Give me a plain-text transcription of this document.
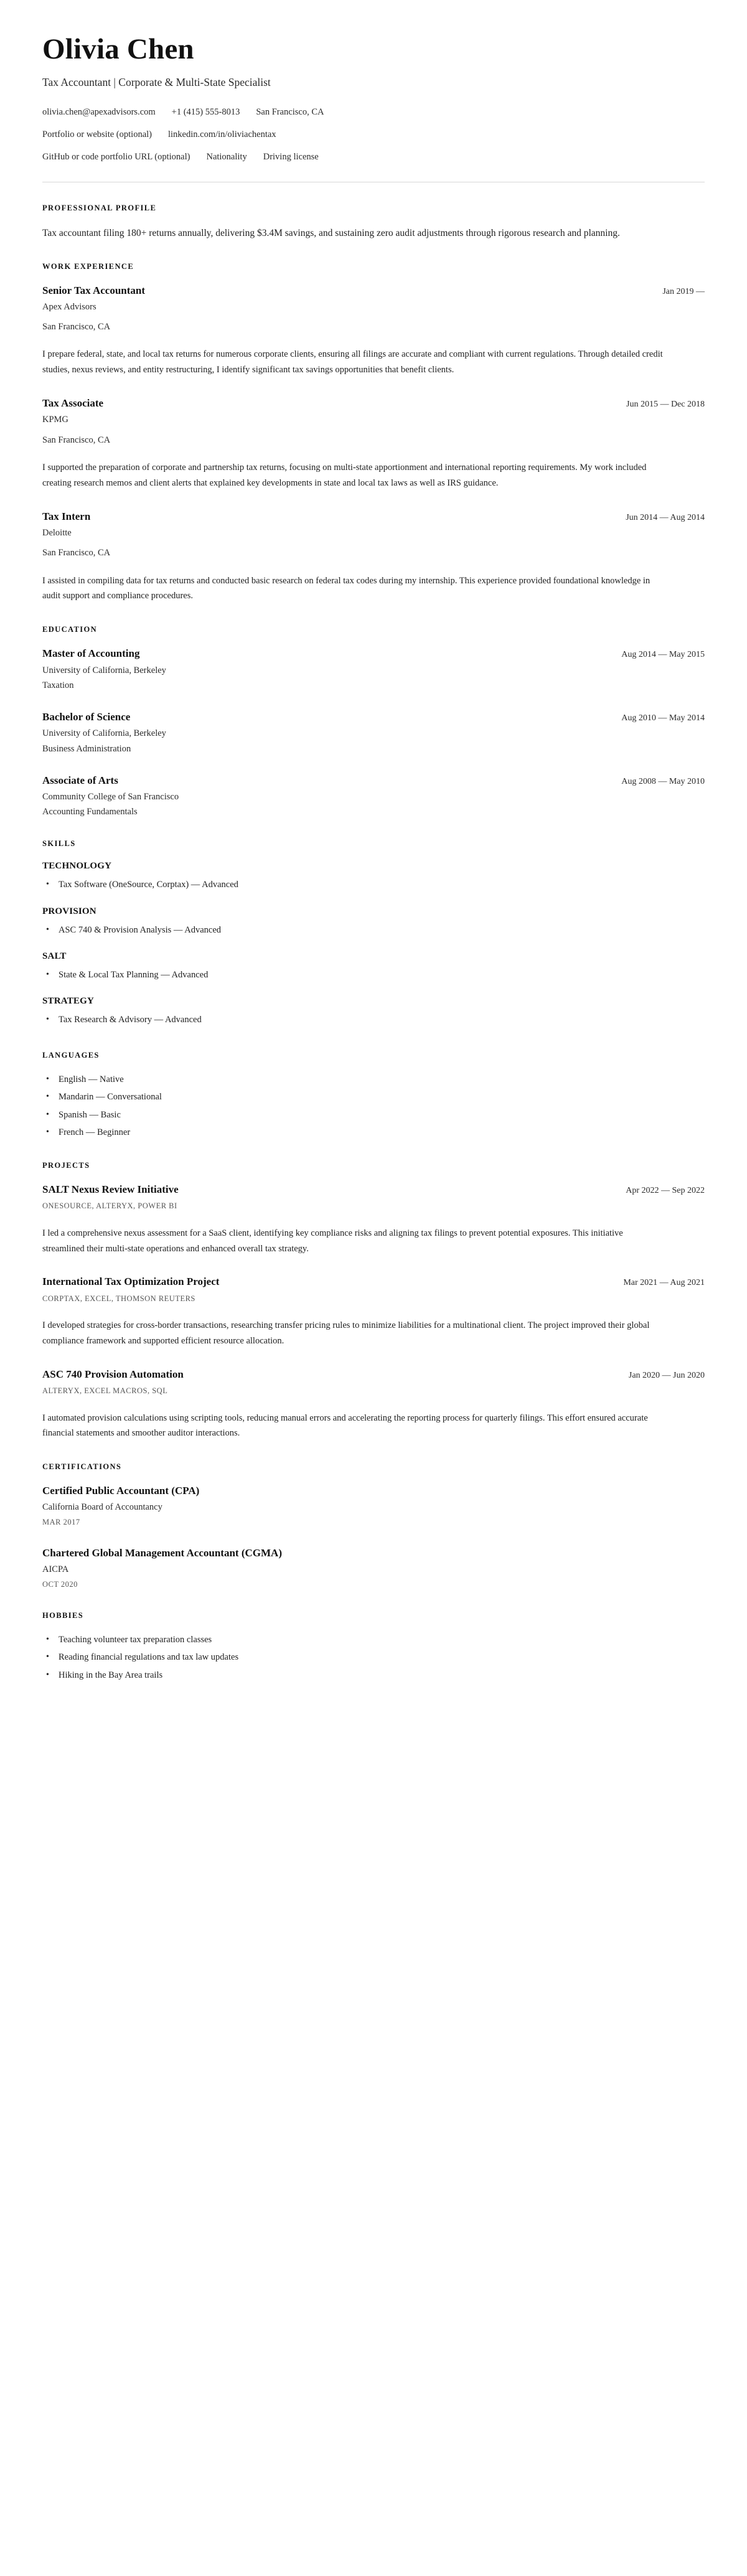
Olivia Chen
Tax Accountant | Corporate & Multi-State Specialist
olivia.chen@apexadvisors.com +1 (415) 555-8013 San Francisco, CA
Portfolio or website (optional) linkedin.com/in/oliviachentax
GitHub or code portfolio URL (optional) Nationality Driving license
PROFESSIONAL PROFILE

Tax accountant filing 180+ returns annually, delivering $3.4M savings, and sustaining zero audit adjustments through rigorous research and planning.

WORK EXPERIENCE
Senior Tax Accountant	Jan 2019 —
Apex Advisors
San Francisco, CA
I prepare federal, state, and local tax returns for numerous corporate clients, ensuring all filings are accurate and compliant with current regulations. Through detailed credit studies, nexus reviews, and entity restructuring, I identify significant tax savings opportunities that benefit clients.
Tax Associate	Jun 2015 — Dec 2018
KPMG
San Francisco, CA
I supported the preparation of corporate and partnership tax returns, focusing on multi-state apportionment and international reporting requirements. My work included creating research memos and client alerts that explained key developments in state and local tax laws as well as IRS guidance.
Tax Intern	Jun 2014 — Aug 2014
Deloitte
San Francisco, CA
I assisted in compiling data for tax returns and conducted basic research on federal tax codes during my internship. This experience provided foundational knowledge in audit support and compliance procedures.
EDUCATION
Master of Accounting	Aug 2014 — May 2015
University of California, Berkeley
Taxation
Bachelor of Science	Aug 2010 — May 2014
University of California, Berkeley
Business Administration
Associate of Arts	Aug 2008 — May 2010
Community College of San Francisco
Accounting Fundamentals
SKILLS
TECHNOLOGY
• Tax Software (OneSource, Corptax) — Advanced
PROVISION
• ASC 740 & Provision Analysis — Advanced
SALT
• State & Local Tax Planning — Advanced
STRATEGY
• Tax Research & Advisory — Advanced
LANGUAGES
• English — Native
• Mandarin — Conversational
• Spanish — Basic
• French — Beginner
PROJECTS
SALT Nexus Review Initiative	Apr 2022 — Sep 2022
ONESOURCE, ALTERYX, POWER BI
I led a comprehensive nexus assessment for a SaaS client, identifying key compliance risks and aligning tax filings to prevent potential exposures. This initiative streamlined their multi-state operations and enhanced overall tax strategy.
International Tax Optimization Project	Mar 2021 — Aug 2021
CORPTAX, EXCEL, THOMSON REUTERS
I developed strategies for cross-border transactions, researching transfer pricing rules to minimize liabilities for a multinational client. The project improved their global compliance framework and supported efficient resource allocation.
ASC 740 Provision Automation	Jan 2020 — Jun 2020
ALTERYX, EXCEL MACROS, SQL
I automated provision calculations using scripting tools, reducing manual errors and accelerating the reporting process for quarterly filings. This effort ensured accurate financial statements and smoother auditor interactions.
CERTIFICATIONS
Certified Public Accountant (CPA)
California Board of Accountancy
MAR 2017
Chartered Global Management Accountant (CGMA)
AICPA
OCT 2020
HOBBIES
• Teaching volunteer tax preparation classes
• Reading financial regulations and tax law updates
• Hiking in the Bay Area trails
